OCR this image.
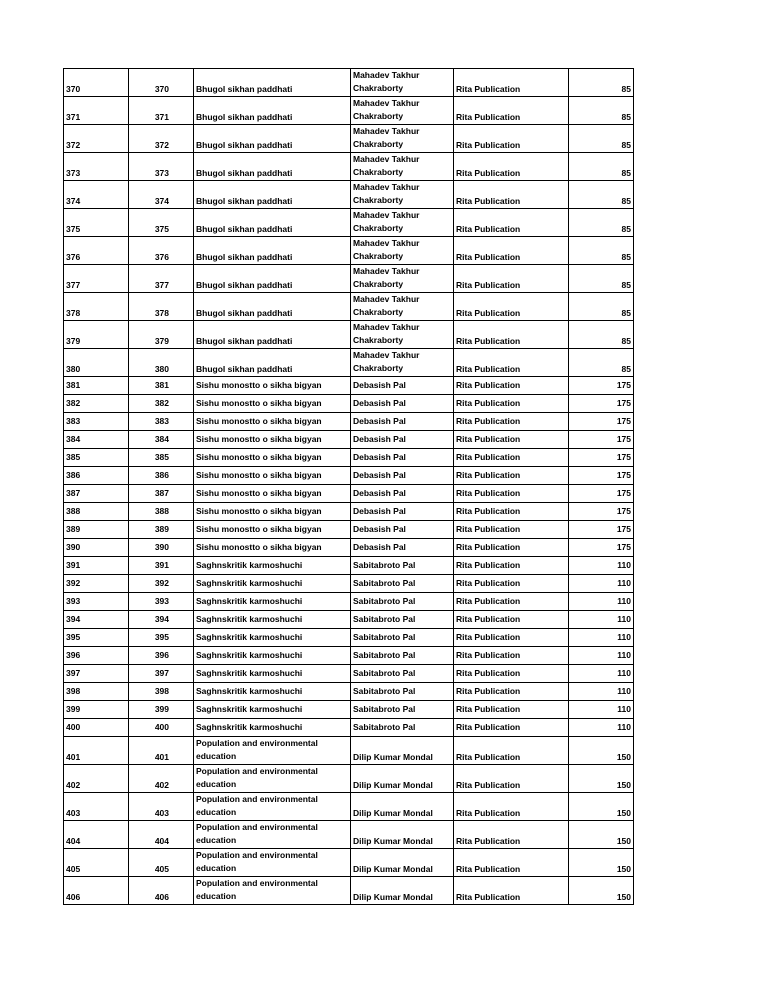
370	370	Bhugol sikhan paddhati	Mahadev Takhur Chakraborty	Rita Publication	85
371	371	Bhugol sikhan paddhati	Mahadev Takhur Chakraborty	Rita Publication	85
372	372	Bhugol sikhan paddhati	Mahadev Takhur Chakraborty	Rita Publication	85
373	373	Bhugol sikhan paddhati	Mahadev Takhur Chakraborty	Rita Publication	85
374	374	Bhugol sikhan paddhati	Mahadev Takhur Chakraborty	Rita Publication	85
375	375	Bhugol sikhan paddhati	Mahadev Takhur Chakraborty	Rita Publication	85
376	376	Bhugol sikhan paddhati	Mahadev Takhur Chakraborty	Rita Publication	85
377	377	Bhugol sikhan paddhati	Mahadev Takhur Chakraborty	Rita Publication	85
378	378	Bhugol sikhan paddhati	Mahadev Takhur Chakraborty	Rita Publication	85
379	379	Bhugol sikhan paddhati	Mahadev Takhur Chakraborty	Rita Publication	85
380	380	Bhugol sikhan paddhati	Mahadev Takhur Chakraborty	Rita Publication	85
381	381	Sishu monostto o sikha bigyan	Debasish Pal	Rita Publication	175
382	382	Sishu monostto o sikha bigyan	Debasish Pal	Rita Publication	175
383	383	Sishu monostto o sikha bigyan	Debasish Pal	Rita Publication	175
384	384	Sishu monostto o sikha bigyan	Debasish Pal	Rita Publication	175
385	385	Sishu monostto o sikha bigyan	Debasish Pal	Rita Publication	175
386	386	Sishu monostto o sikha bigyan	Debasish Pal	Rita Publication	175
387	387	Sishu monostto o sikha bigyan	Debasish Pal	Rita Publication	175
388	388	Sishu monostto o sikha bigyan	Debasish Pal	Rita Publication	175
389	389	Sishu monostto o sikha bigyan	Debasish Pal	Rita Publication	175
390	390	Sishu monostto o sikha bigyan	Debasish Pal	Rita Publication	175
391	391	Saghnskritik karmoshuchi	Sabitabroto Pal	Rita Publication	110
392	392	Saghnskritik karmoshuchi	Sabitabroto Pal	Rita Publication	110
393	393	Saghnskritik karmoshuchi	Sabitabroto Pal	Rita Publication	110
394	394	Saghnskritik karmoshuchi	Sabitabroto Pal	Rita Publication	110
395	395	Saghnskritik karmoshuchi	Sabitabroto Pal	Rita Publication	110
396	396	Saghnskritik karmoshuchi	Sabitabroto Pal	Rita Publication	110
397	397	Saghnskritik karmoshuchi	Sabitabroto Pal	Rita Publication	110
398	398	Saghnskritik karmoshuchi	Sabitabroto Pal	Rita Publication	110
399	399	Saghnskritik karmoshuchi	Sabitabroto Pal	Rita Publication	110
400	400	Saghnskritik karmoshuchi	Sabitabroto Pal	Rita Publication	110
401	401	Population and environmental education	Dilip Kumar Mondal	Rita Publication	150
402	402	Population and environmental education	Dilip Kumar Mondal	Rita Publication	150
403	403	Population and environmental education	Dilip Kumar Mondal	Rita Publication	150
404	404	Population and environmental education	Dilip Kumar Mondal	Rita Publication	150
405	405	Population and environmental education	Dilip Kumar Mondal	Rita Publication	150
406	406	Population and environmental education	Dilip Kumar Mondal	Rita Publication	150
